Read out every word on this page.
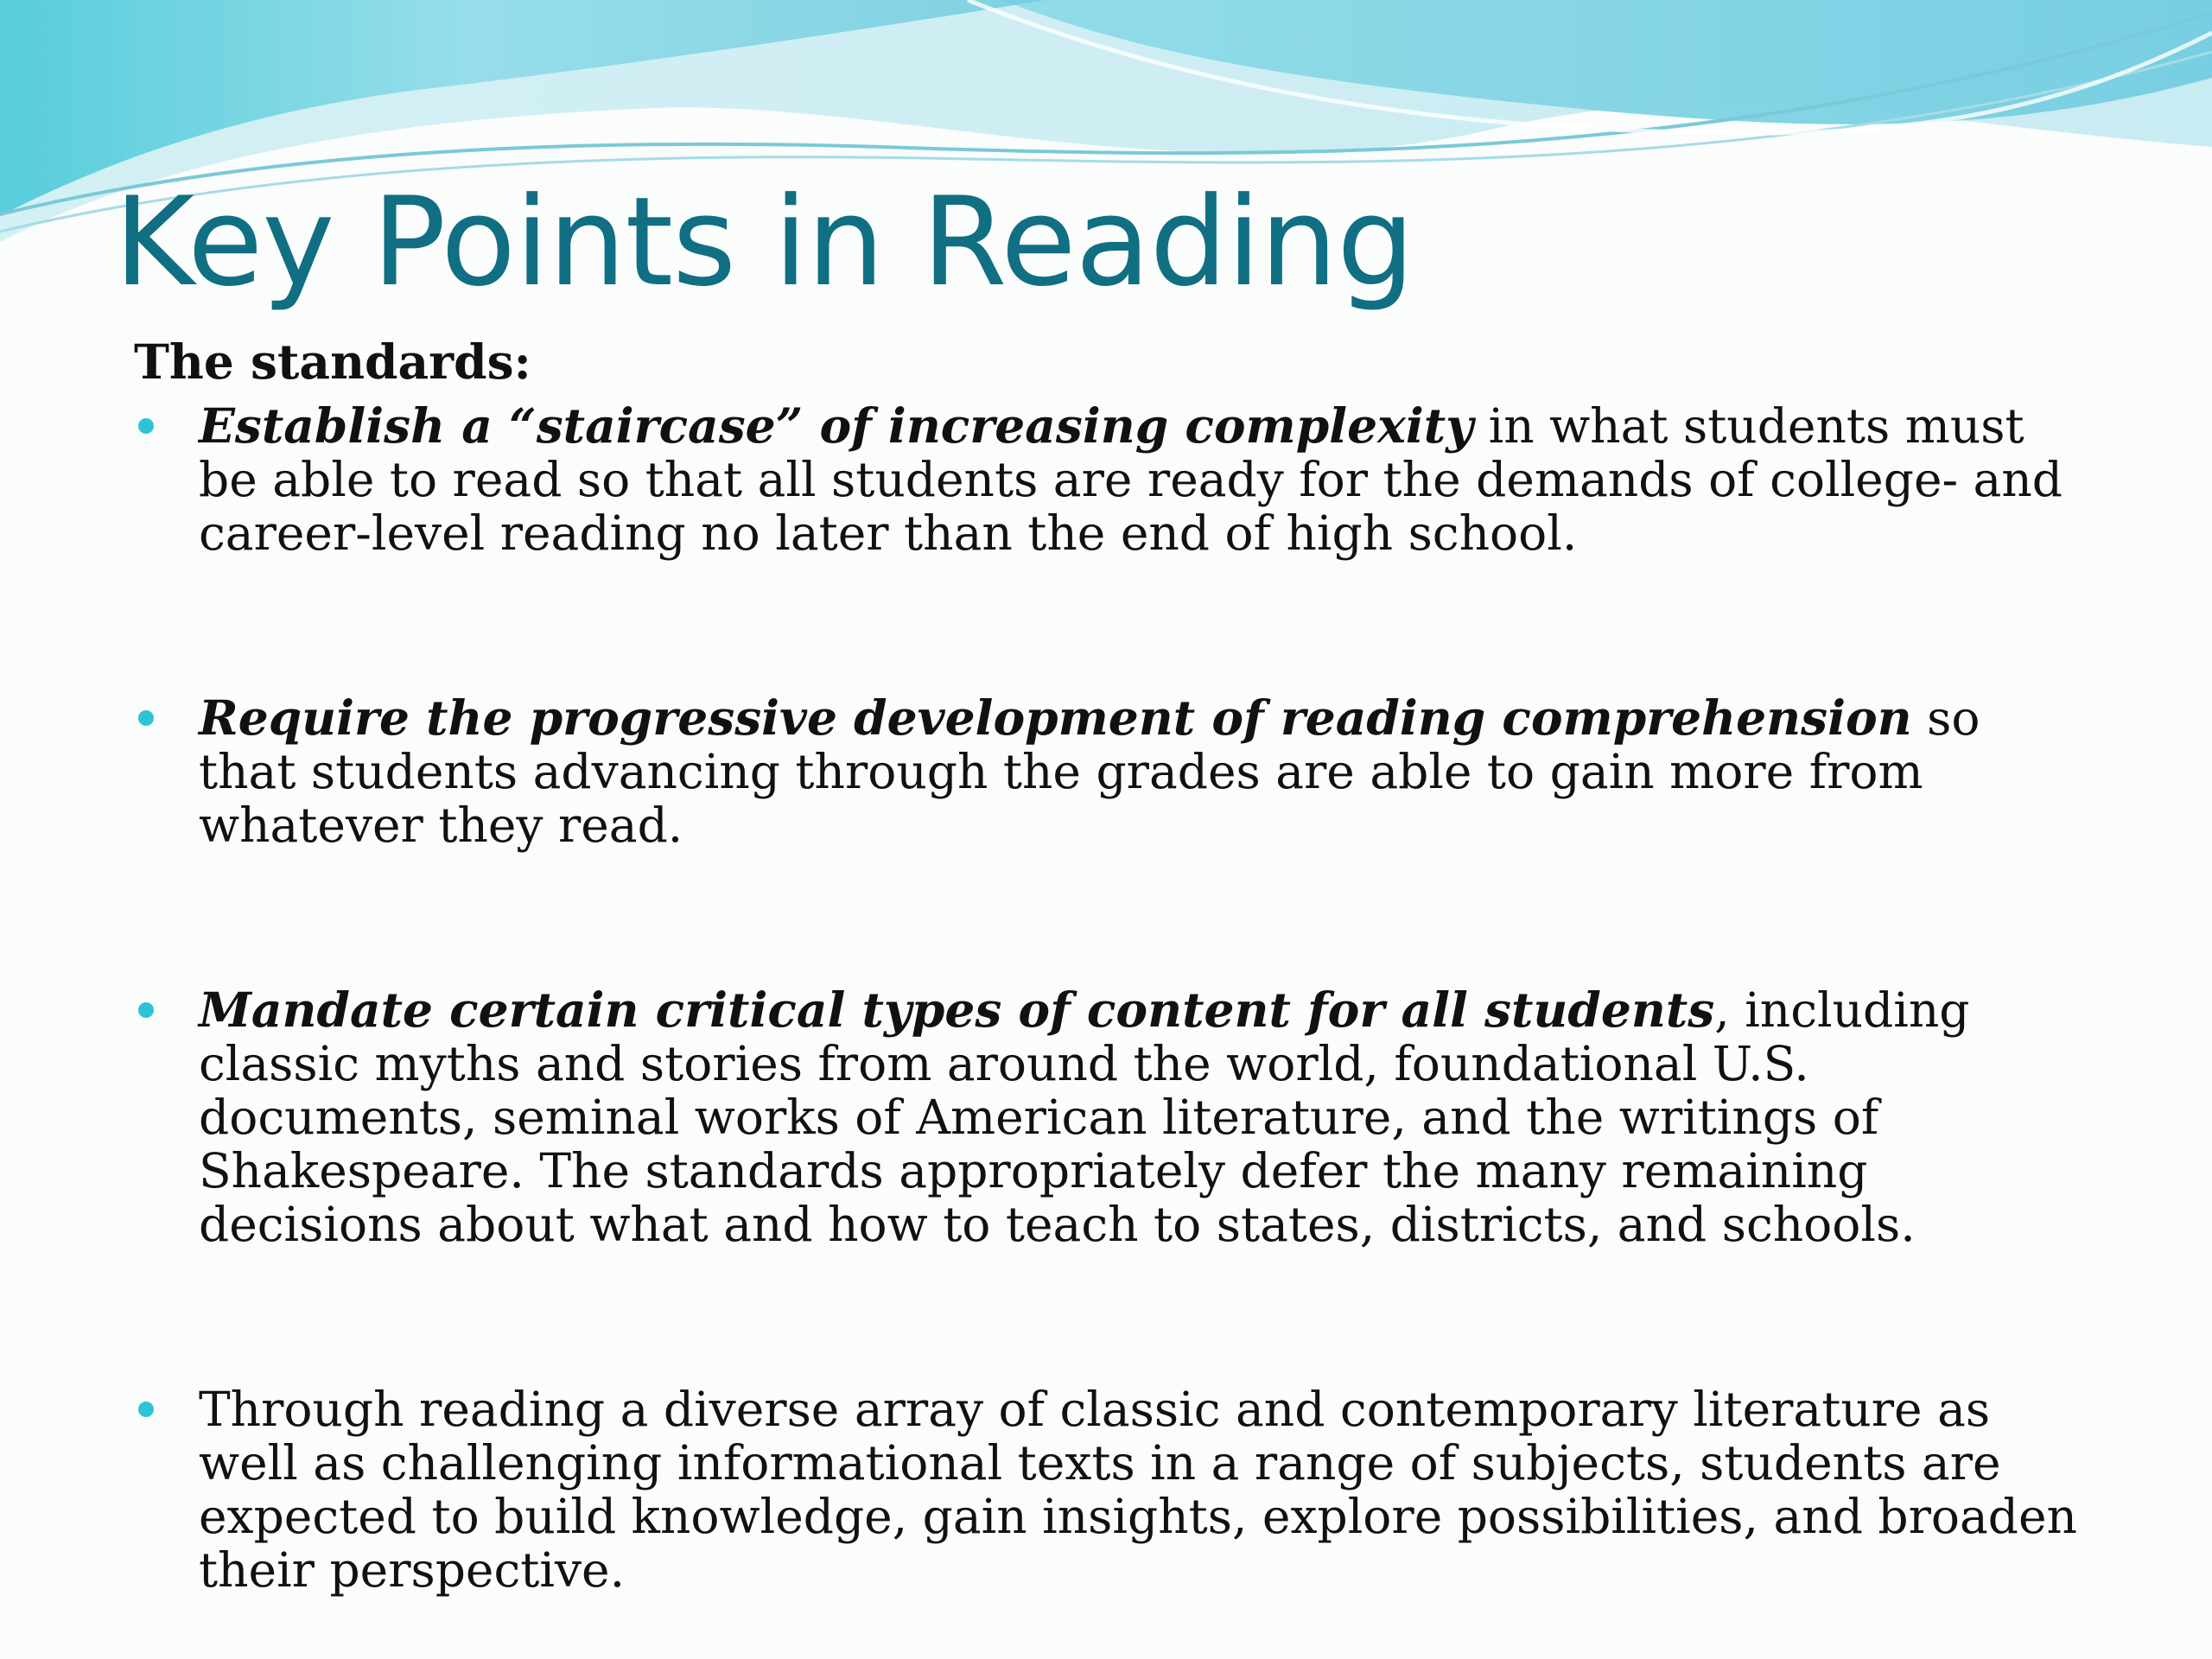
Key Points in Reading
The standards:
Establish a “staircase” of increasing complexity in what students must be able to read so that all students are ready for the demands of college- and career-level reading no later than the end of high school.
Require the progressive development of reading comprehension so that students advancing through the grades are able to gain more from whatever they read.
Mandate certain critical types of content for all students, including classic myths and stories from around the world, foundational U.S. documents, seminal works of American literature, and the writings of Shakespeare. The standards appropriately defer the many remaining decisions about what and how to teach to states, districts, and schools.
Through reading a diverse array of classic and contemporary literature as well as challenging informational texts in a range of subjects, students are expected to build knowledge, gain insights, explore possibilities, and broaden their perspective.
